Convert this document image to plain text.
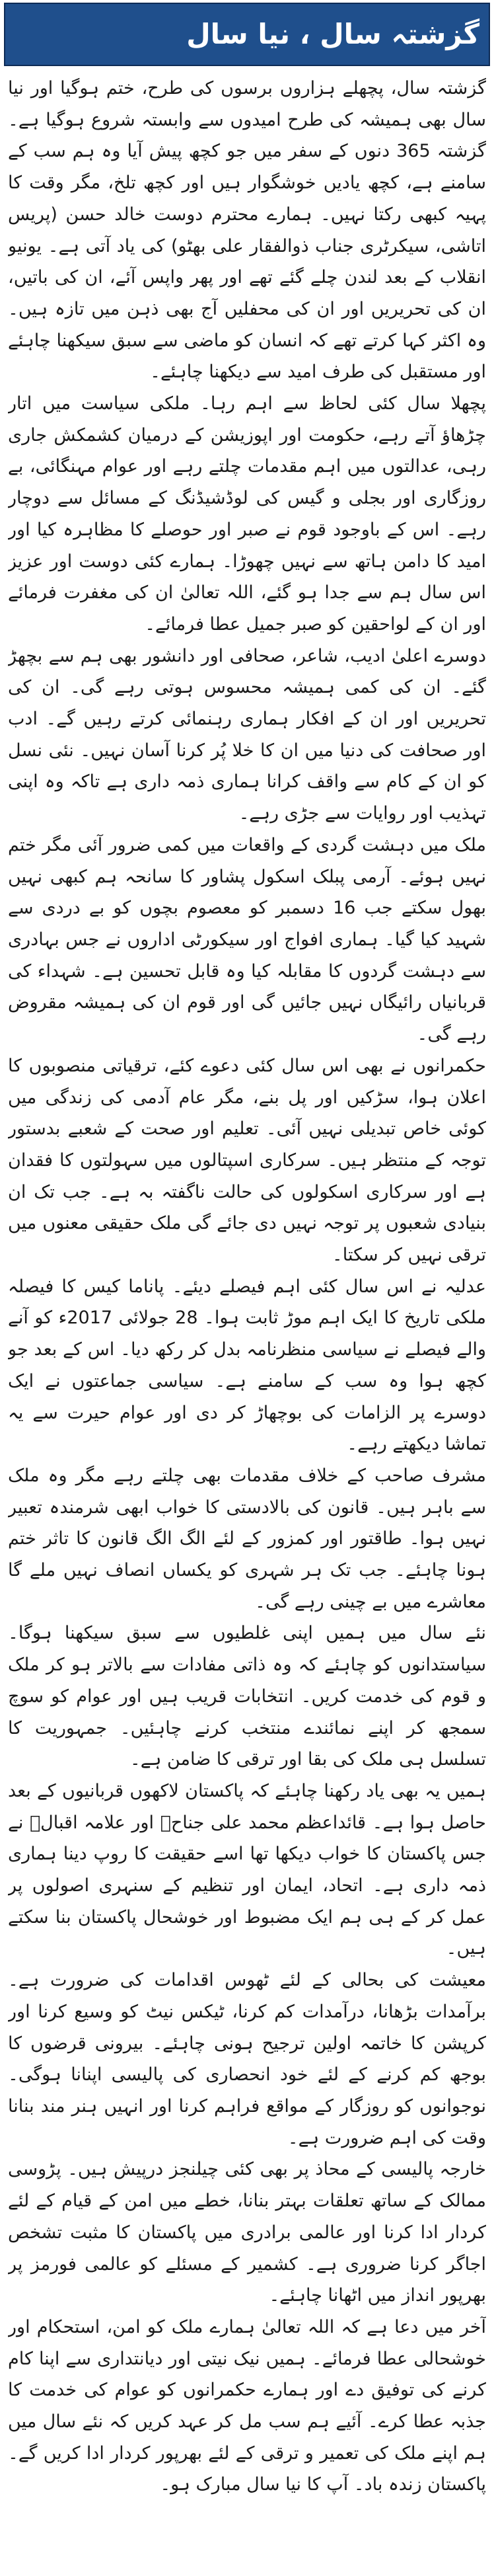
گزشتہ سال ، نیا سال

گزشتہ سال، پچھلے ہزاروں برسوں کی طرح، ختم ہوگیا اور نیا سال بھی ہمیشہ کی طرح امیدوں سے وابستہ شروع ہوگیا ہے۔ گزشتہ 365 دنوں کے سفر میں جو کچھ پیش آیا وہ ہم سب کے سامنے ہے، کچھ یادیں خوشگوار ہیں اور کچھ تلخ، مگر وقت کا پہیہ کبھی رکتا نہیں۔ ہمارے محترم دوست خالد حسن (پریس اتاشی، سیکرٹری جناب ذوالفقار علی بھٹو) کی یاد آتی ہے۔ یونیو انقلاب کے بعد لندن چلے گئے تھے اور پھر واپس آئے، ان کی باتیں، ان کی تحریریں اور ان کی محفلیں آج بھی ذہن میں تازہ ہیں۔ وہ اکثر کہا کرتے تھے کہ انسان کو ماضی سے سبق سیکھنا چاہئے اور مستقبل کی طرف امید سے دیکھنا چاہئے۔

پچھلا سال کئی لحاظ سے اہم رہا۔ ملکی سیاست میں اتار چڑھاؤ آتے رہے، حکومت اور اپوزیشن کے درمیان کشمکش جاری رہی، عدالتوں میں اہم مقدمات چلتے رہے اور عوام مہنگائی، بے روزگاری اور بجلی و گیس کی لوڈشیڈنگ کے مسائل سے دوچار رہے۔ اس کے باوجود قوم نے صبر اور حوصلے کا مظاہرہ کیا اور امید کا دامن ہاتھ سے نہیں چھوڑا۔ ہمارے کئی دوست اور عزیز اس سال ہم سے جدا ہو گئے، اللہ تعالیٰ ان کی مغفرت فرمائے اور ان کے لواحقین کو صبر جمیل عطا فرمائے۔

دوسرے اعلیٰ ادیب، شاعر، صحافی اور دانشور بھی ہم سے بچھڑ گئے۔ ان کی کمی ہمیشہ محسوس ہوتی رہے گی۔ ان کی تحریریں اور ان کے افکار ہماری رہنمائی کرتے رہیں گے۔ ادب اور صحافت کی دنیا میں ان کا خلا پُر کرنا آسان نہیں۔ نئی نسل کو ان کے کام سے واقف کرانا ہماری ذمہ داری ہے تاکہ وہ اپنی تہذیب اور روایات سے جڑی رہے۔

ملک میں دہشت گردی کے واقعات میں کمی ضرور آئی مگر ختم نہیں ہوئے۔ آرمی پبلک اسکول پشاور کا سانحہ ہم کبھی نہیں بھول سکتے جب 16 دسمبر کو معصوم بچوں کو بے دردی سے شہید کیا گیا۔ ہماری افواج اور سیکورٹی اداروں نے جس بہادری سے دہشت گردوں کا مقابلہ کیا وہ قابل تحسین ہے۔ شہداء کی قربانیاں رائیگاں نہیں جائیں گی اور قوم ان کی ہمیشہ مقروض رہے گی۔

حکمرانوں نے بھی اس سال کئی دعوے کئے، ترقیاتی منصوبوں کا اعلان ہوا، سڑکیں اور پل بنے، مگر عام آدمی کی زندگی میں کوئی خاص تبدیلی نہیں آئی۔ تعلیم اور صحت کے شعبے بدستور توجہ کے منتظر ہیں۔ سرکاری اسپتالوں میں سہولتوں کا فقدان ہے اور سرکاری اسکولوں کی حالت ناگفتہ بہ ہے۔ جب تک ان بنیادی شعبوں پر توجہ نہیں دی جائے گی ملک حقیقی معنوں میں ترقی نہیں کر سکتا۔

عدلیہ نے اس سال کئی اہم فیصلے دیئے۔ پاناما کیس کا فیصلہ ملکی تاریخ کا ایک اہم موڑ ثابت ہوا۔ 28 جولائی 2017ء کو آنے والے فیصلے نے سیاسی منظرنامہ بدل کر رکھ دیا۔ اس کے بعد جو کچھ ہوا وہ سب کے سامنے ہے۔ سیاسی جماعتوں نے ایک دوسرے پر الزامات کی بوچھاڑ کر دی اور عوام حیرت سے یہ تماشا دیکھتے رہے۔

مشرف صاحب کے خلاف مقدمات بھی چلتے رہے مگر وہ ملک سے باہر ہیں۔ قانون کی بالادستی کا خواب ابھی شرمندہ تعبیر نہیں ہوا۔ طاقتور اور کمزور کے لئے الگ الگ قانون کا تاثر ختم ہونا چاہئے۔ جب تک ہر شہری کو یکساں انصاف نہیں ملے گا معاشرے میں بے چینی رہے گی۔

نئے سال میں ہمیں اپنی غلطیوں سے سبق سیکھنا ہوگا۔ سیاستدانوں کو چاہئے کہ وہ ذاتی مفادات سے بالاتر ہو کر ملک و قوم کی خدمت کریں۔ انتخابات قریب ہیں اور عوام کو سوچ سمجھ کر اپنے نمائندے منتخب کرنے چاہئیں۔ جمہوریت کا تسلسل ہی ملک کی بقا اور ترقی کا ضامن ہے۔

ہمیں یہ بھی یاد رکھنا چاہئے کہ پاکستان لاکھوں قربانیوں کے بعد حاصل ہوا ہے۔ قائداعظم محمد علی جناحؒ اور علامہ اقبالؒ نے جس پاکستان کا خواب دیکھا تھا اسے حقیقت کا روپ دینا ہماری ذمہ داری ہے۔ اتحاد، ایمان اور تنظیم کے سنہری اصولوں پر عمل کر کے ہی ہم ایک مضبوط اور خوشحال پاکستان بنا سکتے ہیں۔

معیشت کی بحالی کے لئے ٹھوس اقدامات کی ضرورت ہے۔ برآمدات بڑھانا، درآمدات کم کرنا، ٹیکس نیٹ کو وسیع کرنا اور کرپشن کا خاتمہ اولین ترجیح ہونی چاہئے۔ بیرونی قرضوں کا بوجھ کم کرنے کے لئے خود انحصاری کی پالیسی اپنانا ہوگی۔ نوجوانوں کو روزگار کے مواقع فراہم کرنا اور انہیں ہنر مند بنانا وقت کی اہم ضرورت ہے۔

خارجہ پالیسی کے محاذ پر بھی کئی چیلنجز درپیش ہیں۔ پڑوسی ممالک کے ساتھ تعلقات بہتر بنانا، خطے میں امن کے قیام کے لئے کردار ادا کرنا اور عالمی برادری میں پاکستان کا مثبت تشخص اجاگر کرنا ضروری ہے۔ کشمیر کے مسئلے کو عالمی فورمز پر بھرپور انداز میں اٹھانا چاہئے۔

آخر میں دعا ہے کہ اللہ تعالیٰ ہمارے ملک کو امن، استحکام اور خوشحالی عطا فرمائے۔ ہمیں نیک نیتی اور دیانتداری سے اپنا کام کرنے کی توفیق دے اور ہمارے حکمرانوں کو عوام کی خدمت کا جذبہ عطا کرے۔ آئیے ہم سب مل کر عہد کریں کہ نئے سال میں ہم اپنے ملک کی تعمیر و ترقی کے لئے بھرپور کردار ادا کریں گے۔ پاکستان زندہ باد۔ آپ کا نیا سال مبارک ہو۔
